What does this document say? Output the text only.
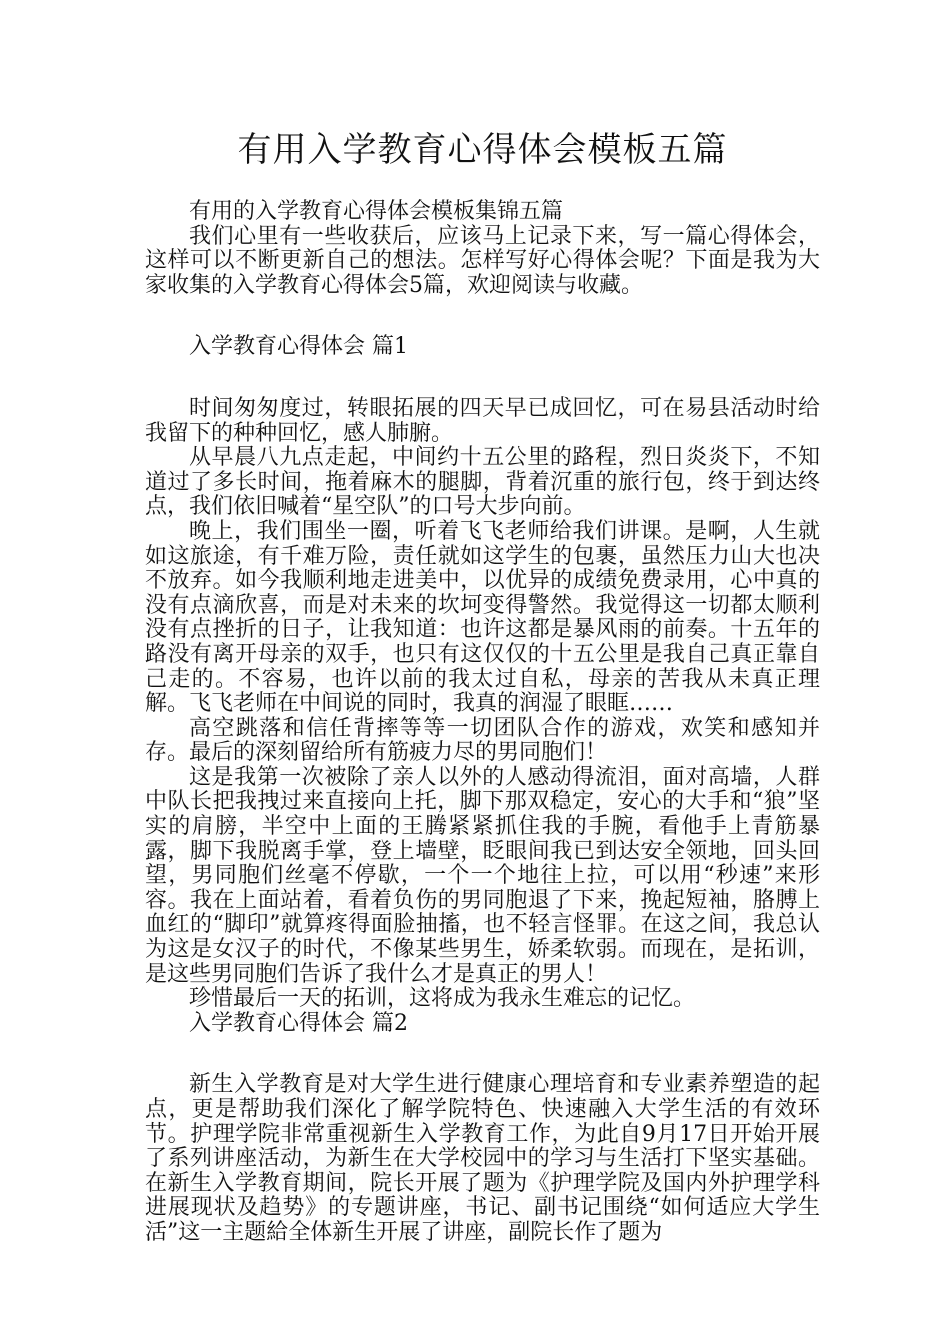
有用入学教育心得体会模板五篇

有用的入学教育心得体会模板集锦五篇

我们心里有一些收获后，应该马上记录下来，写一篇心得体会，这样可以不断更新自己的想法。怎样写好心得体会呢？下面是我为大家收集的入学教育心得体会5篇，欢迎阅读与收藏。

入学教育心得体会 篇1

时间匆匆度过，转眼拓展的四天早已成回忆，可在易县活动时给我留下的种种回忆，感人肺腑。

从早晨八九点走起，中间约十五公里的路程，烈日炎炎下，不知道过了多长时间，拖着麻木的腿脚，背着沉重的旅行包，终于到达终点，我们依旧喊着“星空队”的口号大步向前。

晚上，我们围坐一圈，听着飞飞老师给我们讲课。是啊，人生就如这旅途，有千难万险，责任就如这学生的包裹，虽然压力山大也决不放弃。如今我顺利地走进美中，以优异的成绩免费录用，心中真的没有点滴欣喜，而是对未来的坎坷变得警然。我觉得这一切都太顺利没有点挫折的日子，让我知道：也许这都是暴风雨的前奏。十五年的路没有离开母亲的双手，也只有这仅仅的十五公里是我自己真正靠自己走的。不容易，也许以前的我太过自私，母亲的苦我从未真正理解。飞飞老师在中间说的同时，我真的润湿了眼眶……

高空跳落和信任背摔等等一切团队合作的游戏，欢笑和感知并存。最后的深刻留给所有筋疲力尽的男同胞们！

这是我第一次被除了亲人以外的人感动得流泪，面对高墙，人群中队长把我拽过来直接向上托，脚下那双稳定，安心的大手和“狼”坚实的肩膀，半空中上面的王腾紧紧抓住我的手腕，看他手上青筋暴露，脚下我脱离手掌，登上墙壁，眨眼间我已到达安全领地，回头回望，男同胞们丝毫不停歇，一个一个地往上拉，可以用“秒速”来形容。我在上面站着，看着负伤的男同胞退了下来，挽起短袖，胳膊上血红的“脚印”就算疼得面脸抽搐，也不轻言怪罪。在这之间，我总认为这是女汉子的时代，不像某些男生，娇柔软弱。而现在，是拓训，是这些男同胞们告诉了我什么才是真正的男人！

珍惜最后一天的拓训，这将成为我永生难忘的记忆。

入学教育心得体会 篇2

新生入学教育是对大学生进行健康心理培育和专业素养塑造的起点，更是帮助我们深化了解学院特色、快速融入大学生活的有效环节。护理学院非常重视新生入学教育工作，为此自9月17日开始开展了系列讲座活动，为新生在大学校园中的学习与生活打下坚实基础。在新生入学教育期间，院长开展了题为《护理学院及国内外护理学科进展现状及趋势》的专题讲座，书记、副书记围绕“如何适应大学生活”这一主题給全体新生开展了讲座，副院长作了题为
